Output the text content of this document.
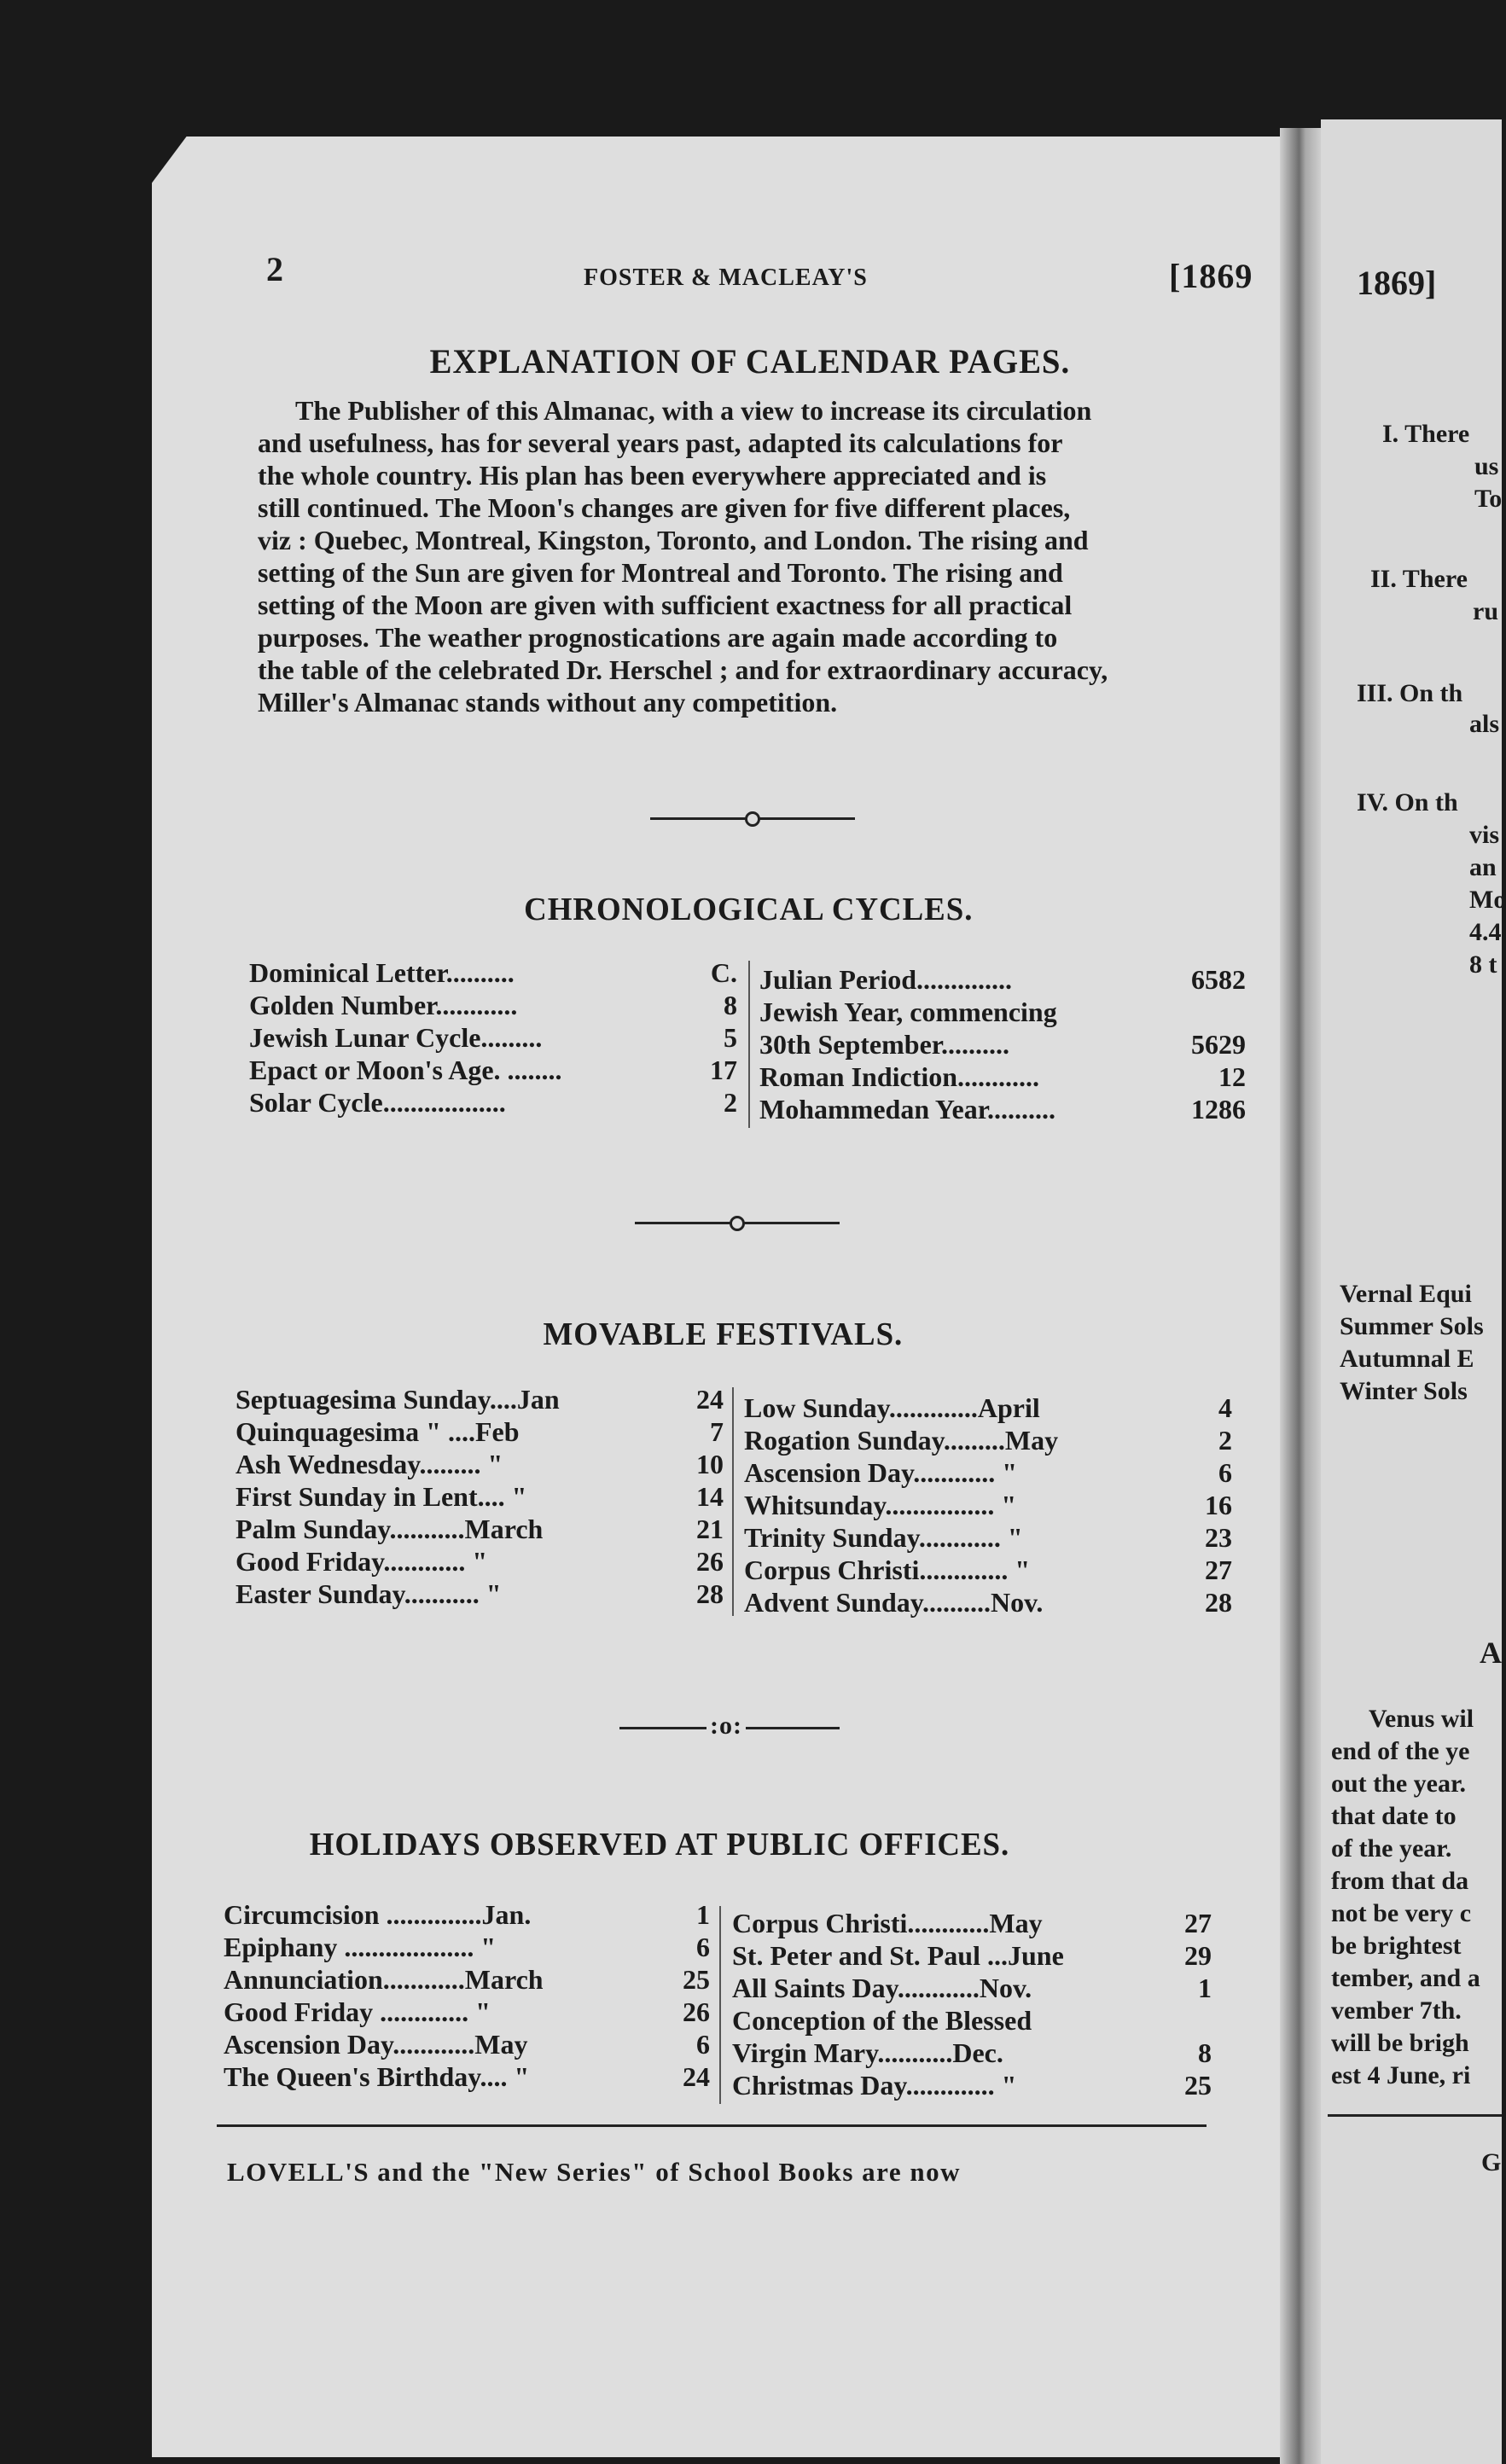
2	FOSTER & MACLEAY'S	[1869
EXPLANATION OF CALENDAR PAGES.
The Publisher of this Almanac, with a view to increase its circulation
and usefulness, has for several years past, adapted its calculations for
the whole country. His plan has been everywhere appreciated and is
still continued. The Moon's changes are given for five different places,
viz : Quebec, Montreal, Kingston, Toronto, and London. The rising and
setting of the Sun are given for Montreal and Toronto. The rising and
setting of the Moon are given with sufficient exactness for all practical
purposes. The weather prognostications are again made according to
the table of the celebrated Dr. Herschel ; and for extraordinary accuracy,
Miller's Almanac stands without any competition.
CHRONOLOGICAL CYCLES.
Dominical Letter..........	C.
Golden Number............	8
Jewish Lunar Cycle.........	5
Epact or Moon's Age. ........	17
Solar Cycle..................	2
Julian Period..............	6582
Jewish Year, commencing
30th September..........	5629
Roman Indiction............	12
Mohammedan Year..........	1286
MOVABLE FESTIVALS.
Septuagesima Sunday....Jan	24
Quinquagesima " ....Feb	7
Ash Wednesday......... "	10
First Sunday in Lent.... "	14
Palm Sunday...........March	21
Good Friday............ "	26
Easter Sunday........... "	28
Low Sunday.............April	4
Rogation Sunday.........May	2
Ascension Day............ "	6
Whitsunday................ "	16
Trinity Sunday............ "	23
Corpus Christi............. "	27
Advent Sunday..........Nov.	28
:o:
HOLIDAYS OBSERVED AT PUBLIC OFFICES.
Circumcision ..............Jan.	1
Epiphany ................... "	6
Annunciation............March	25
Good Friday ............. "	26
Ascension Day............May	6
The Queen's Birthday.... "	24
Corpus Christi............May	27
St. Peter and St. Paul ...June	29
All Saints Day............Nov.	1
Conception of the Blessed
Virgin Mary...........Dec.	8
Christmas Day............. "	25
LOVELL'S and the "New Series" of School Books are now
1869]
I. There
us
To
II. There
ru
III. On th
als
IV. On th
vis
an
Mo
4.4
8 t
Vernal Equi
Summer Sols
Autumnal E
Winter Sols
A
Venus wil
end of the ye
out the year.
that date to
of the year.
from that da
not be very c
be brightest
tember, and a
vember 7th.
will be brigh
est 4 June, ri
G
